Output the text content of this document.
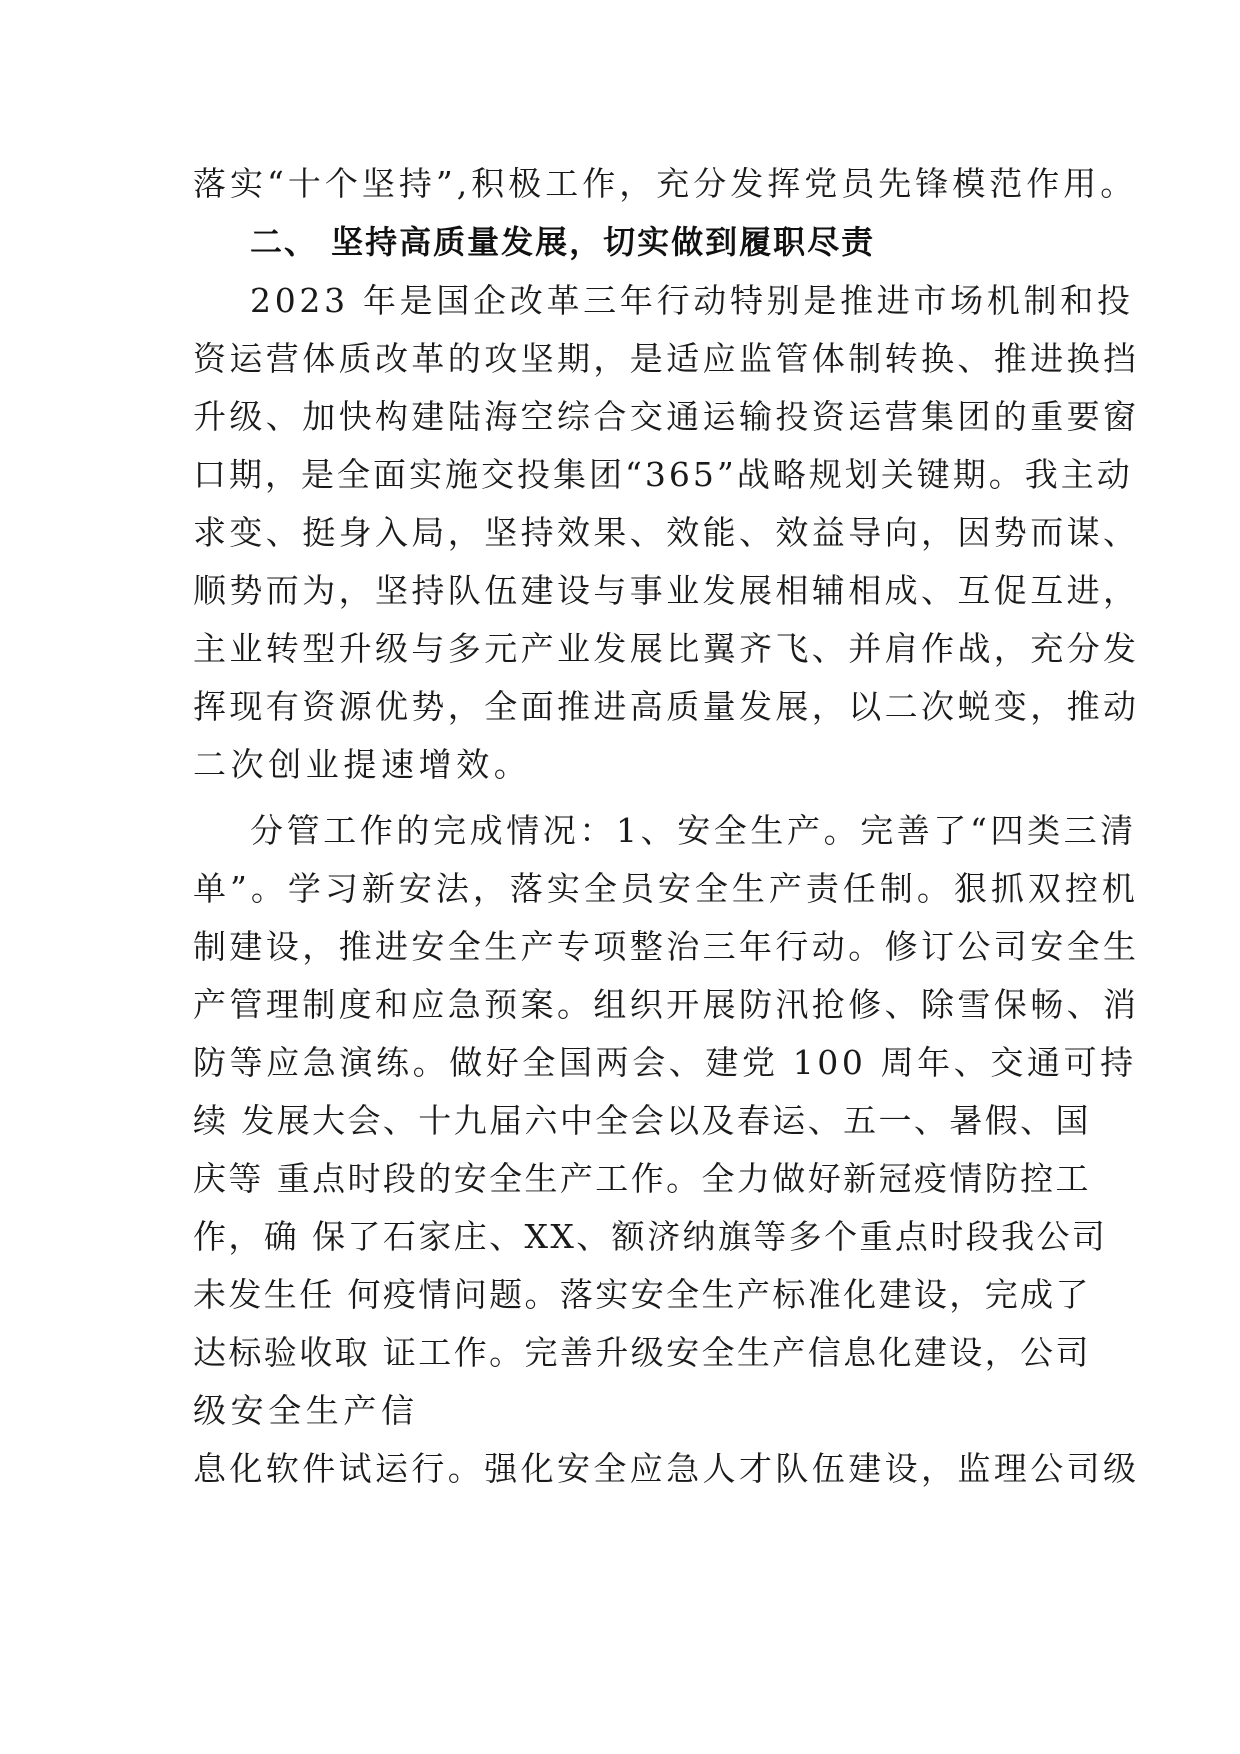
落实“十个坚持”,积极工作，充分发挥党员先锋模范作用。
二、 坚持高质量发展，切实做到履职尽责
2023 年是国企改革三年行动特别是推进市场机制和投
资运营体质改革的攻坚期，是适应监管体制转换、推进换挡
升级、加快构建陆海空综合交通运输投资运营集团的重要窗
口期，是全面实施交投集团“365”战略规划关键期。我主动
求变、挺身入局，坚持效果、效能、效益导向，因势而谋、
顺势而为，坚持队伍建设与事业发展相辅相成、互促互进，
主业转型升级与多元产业发展比翼齐飞、并肩作战，充分发
挥现有资源优势，全面推进高质量发展，以二次蜕变，推动
二次创业提速增效。
分管工作的完成情况：1、安全生产。完善了“四类三清
单”。学习新安法，落实全员安全生产责任制。狠抓双控机
制建设，推进安全生产专项整治三年行动。修订公司安全生
产管理制度和应急预案。组织开展防汛抢修、除雪保畅、消
防等应急演练。做好全国两会、建党 100 周年、交通可持
续 发展大会、十九届六中全会以及春运、五一、暑假、国
庆等 重点时段的安全生产工作。全力做好新冠疫情防控工
作，确 保了石家庄、XX、额济纳旗等多个重点时段我公司
未发生任 何疫情问题。落实安全生产标准化建设，完成了
达标验收取 证工作。完善升级安全生产信息化建设，公司
级安全生产信
息化软件试运行。强化安全应急人才队伍建设，监理公司级
